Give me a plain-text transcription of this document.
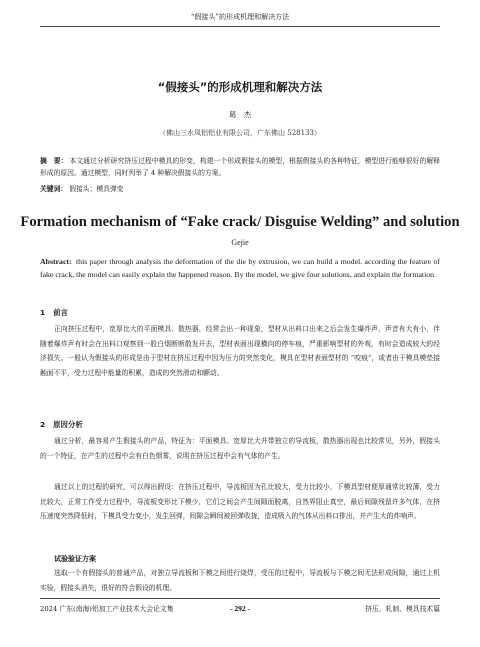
“假接头”的形成机理和解决方法
“假接头”的形成机理和解决方法
葛　杰
（佛山三水凤铝铝业有限公司，广东佛山 528133）
摘　要： 本文通过分析研究挤压过程中模具的形变，构建一个形成假接头的模型，根据假接头的各种特征，模型进行能够很好的解释形成的原因。通过模型，同时列举了 4 种解决假接头的方案。
关键词： 假接头；模具弹变
Formation mechanism of “Fake crack/ Disguise Welding” and solution
Gejie
Abstract: this paper through analysis the deformation of the die by extrusion, we can build a model. according the feature of fake crack, the model can easily explain the happened reason. By the model, we give four solutions, and explain the formation.
1 前言
正向挤压过程中，宽厚比大的平面模具、散热器，经常会出一种现象，型材从出料口出来之后会发生爆炸声，声音有大有小，伴随着爆炸声有时会在出料口观察到一股白烟断断散发开去，型材表面出现横向的停车痕，严重影响型材的外观，有时会造成较大的经济损失。一般认为假接头的形成是由于型材在挤压过程中因为压力的突然变化，模具在型材表面型材的 “咬痕”，或者由于模具模垫接触面不平，受力过程中能量的积累，造成的突然滑动和颤动。
2 原因分析
通过分析，最容易产生假接头的产品，特征为：平面模具、宽厚比大并带独立的导流板，散热器出现也比较常见，另外，假接头的一个特征，在产生的过程中会有白色烟雾，说明在挤压过程中会有气体的产生。
通过以上的过程的研究，可以得出假设：在挤压过程中，导流板因为孔比较大，受力比较小，下模具型材便厚通常比较薄，受力比较大，正常工作受力过程中，导流板变形比下模少，它们之间会产生间隙而脱离，自然界阻止真空，最后间隙残留许多气体，在挤压速度突然降低时，下模具受力变小，发生回弹，间隙会瞬间被回弹收拢，造成吸入的气体从出料口排出，并产生大的炸响声。
试验验证方案
选取一个有假接头的普通产品，对独立导流板和下模之间进行烧焊，受压的过程中，导流板与下模之间无法形成间隙，通过上机实验，假接头消失，很好的符合假设的机理。
2024 广东(南海)铝加工产业技术大会论文集	- 292 -	挤压、轧制、模具技术篇
